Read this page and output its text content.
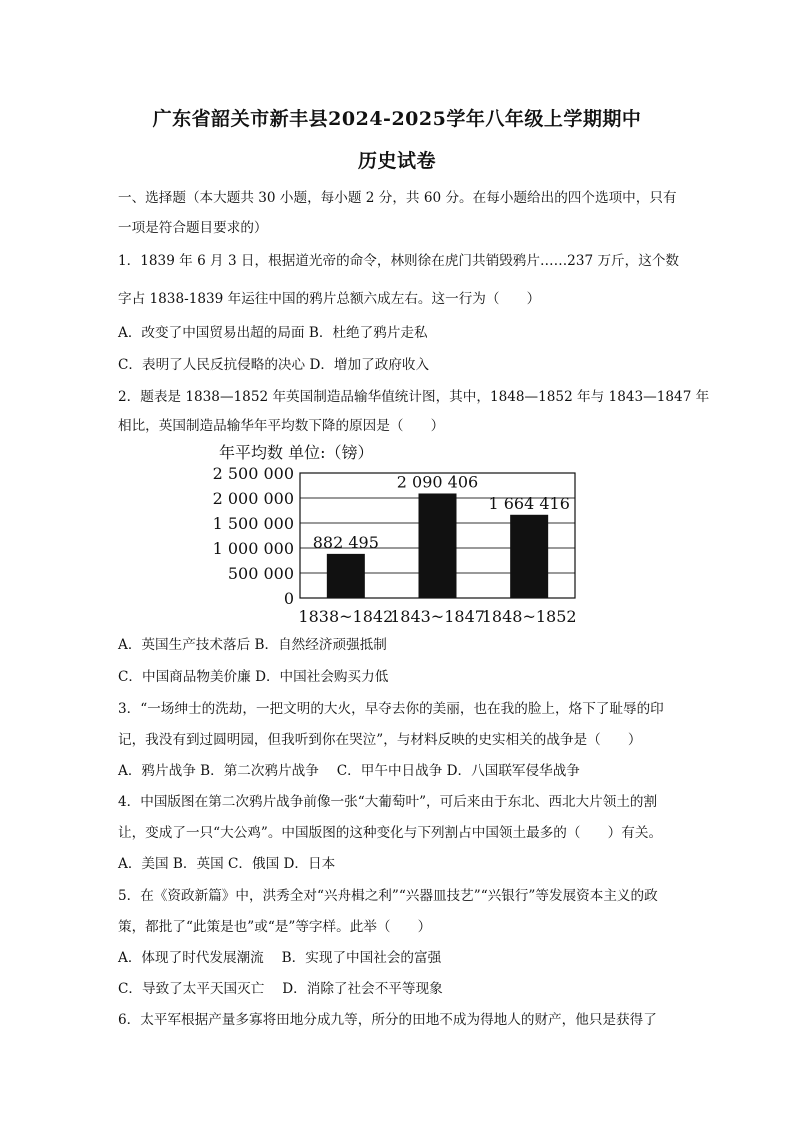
广东省韶关市新丰县2024-2025学年八年级上学期期中
历史试卷
一、选择题（本大题共 30 小题，每小题 2 分，共 60 分。在每小题给出的四个选项中，只有
一项是符合题目要求的）
1．1839 年 6 月 3 日，根据道光帝的命令，林则徐在虎门共销毁鸦片……237 万斤，这个数
字占 1838-1839 年运往中国的鸦片总额六成左右。这一行为（　　）
A．改变了中国贸易出超的局面 B．杜绝了鸦片走私
C．表明了人民反抗侵略的决心 D．增加了政府收入
2．题表是 1838—1852 年英国制造品输华值统计图，其中，1848—1852 年与 1843—1847 年
相比，英国制造品输华年平均数下降的原因是（　　）
年平均数 单位:（镑）
0
500 000
1 000 000
1 500 000
2 000 000
2 500 000
882 495
1838~1842
2 090 406
1843~1847
1 664 416
1848~1852
A．英国生产技术落后 B．自然经济顽强抵制
C．中国商品物美价廉 D．中国社会购买力低
3．“一场绅士的洗劫，一把文明的大火，早夺去你的美丽，也在我的脸上，烙下了耻辱的印
记，我没有到过圆明园，但我听到你在哭泣”，与材料反映的史实相关的战争是（　　）
A．鸦片战争 B．第二次鸦片战争　 C．甲午中日战争 D．八国联军侵华战争
4．中国版图在第二次鸦片战争前像一张“大葡萄叶”，可后来由于东北、西北大片领土的割
让，变成了一只“大公鸡”。中国版图的这种变化与下列割占中国领土最多的（　　）有关。
A．美国 B．英国 C．俄国 D．日本
5．在《资政新篇》中，洪秀全对“兴舟楫之利”“兴器皿技艺”“兴银行”等发展资本主义的政
策，都批了“此策是也”或“是”等字样。此举（　　）
A．体现了时代发展潮流　 B．实现了中国社会的富强
C．导致了太平天国灭亡　 D．消除了社会不平等现象
6．太平军根据产量多寡将田地分成九等，所分的田地不成为得地人的财产，他只是获得了
